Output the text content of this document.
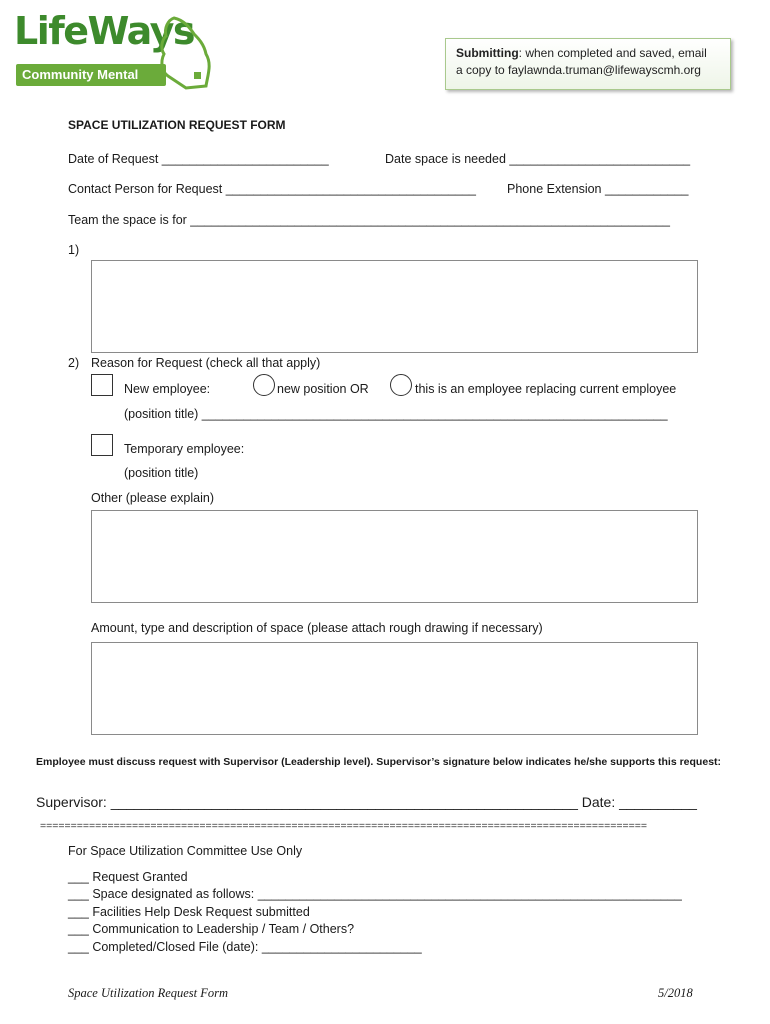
LifeWays
Community Mental Health
Submitting: when completed and saved, email
a copy to faylawnda.truman@lifewayscmh.org
SPACE UTILIZATION REQUEST FORM
Date of Request ________________________	Date space is needed __________________________
Contact Person for Request ____________________________________ Phone Extension ____________
Team the space is for _____________________________________________________________________
1)
2) Reason for Request (check all that apply)
New employee:	new position OR	this is an employee replacing current employee
(position title) ___________________________________________________________________
Temporary employee:
(position title)
Other (please explain)
Amount, type and description of space (please attach rough drawing if necessary)
Employee must discuss request with Supervisor (Leadership level). Supervisor’s signature below indicates he/she supports this request:
Supervisor: ____________________________________________________________ Date: __________
===================================================================================================
For Space Utilization Committee Use Only
___ Request Granted
___ Space designated as follows: _____________________________________________________________
___ Facilities Help Desk Request submitted
___ Communication to Leadership / Team / Others?
___ Completed/Closed File (date): _______________________
Space Utilization Request Form	5/2018
